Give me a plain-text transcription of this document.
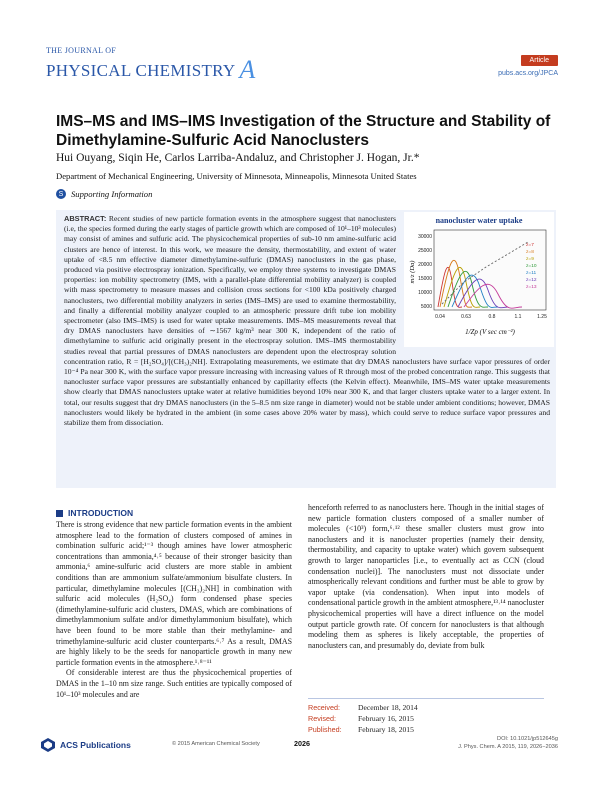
THE JOURNAL OF
PHYSICAL CHEMISTRY A	Article
pubs.acs.org/JPCA
IMS–MS and IMS–IMS Investigation of the Structure and Stability of Dimethylamine-Sulfuric Acid Nanoclusters
Hui Ouyang, Siqin He, Carlos Larriba-Andaluz, and Christopher J. Hogan, Jr.*
Department of Mechanical Engineering, University of Minnesota, Minneapolis, Minnesota United States
S Supporting Information
nanocluster water uptake
30000
25000
20000
15000
10000
5000
0.04	0.63	0.8	1.1	1.25
z=7
z=8
z=9
z=10
z=11
z=12
z=13
m/z (Da)
1/Zp (V sec cm⁻²)
ABSTRACT: Recent studies of new particle formation events in the atmosphere suggest that nanoclusters (i.e, the species formed during the early stages of particle growth which are composed of 10¹–10³ molecules) may consist of amines and sulfuric acid. The physicochemical properties of sub-10 nm amine-sulfuric acid clusters are hence of interest. In this work, we measure the density, thermostability, and extent of water uptake of <8.5 nm effective diameter dimethylamine-sulfuric (DMAS) nanoclusters in the gas phase, produced via positive electrospray ionization. Specifically, we employ three systems to investigate DMAS properties: ion mobility spectrometry (IMS, with a parallel-plate differential mobility analyzer) is coupled with mass spectrometry to measure masses and collision cross sections for <100 kDa positively charged nanoclusters, two differential mobility analyzers in series (IMS–IMS) are used to examine thermostability, and finally a differential mobility analyzer coupled to an atmospheric pressure drift tube ion mobility spectrometer (also IMS–IMS) is used for water uptake measurements. IMS–MS measurements reveal that dry DMAS nanoclusters have densities of ∼1567 kg/m³ near 300 K, independent of the ratio of dimethylamine to sulfuric acid originally present in the electrospray solution. IMS–IMS thermostability studies reveal that partial pressures of DMAS nanoclusters are dependent upon the electrospray solution concentration ratio, R = [H₂SO₄]/[(CH₃)₂NH]. Extrapolating measurements, we estimate that dry DMAS nanoclusters have surface vapor pressures of order 10⁻⁴ Pa near 300 K, with the surface vapor pressure increasing with increasing values of R through most of the probed concentration range. This suggests that nanocluster surface vapor pressures are substantially enhanced by capillarity effects (the Kelvin effect). Meanwhile, IMS–MS water uptake measurements show clearly that DMAS nanoclusters uptake water at relative humidities beyond 10% near 300 K, and that larger clusters uptake water to a larger extent. In total, our results suggest that dry DMAS nanoclusters (in the 5–8.5 nm size range in diameter) would not be stable under ambient conditions; however, DMAS nanoclusters would likely be hydrated in the ambient (in some cases above 20% water by mass), which could serve to reduce surface vapor pressures and stabilize them from dissociation.
INTRODUCTION

There is strong evidence that new particle formation events in the ambient atmosphere lead to the formation of clusters composed of amines in combination sulfuric acid;¹⁻³ though amines have lower atmospheric concentrations than ammonia,⁴˒⁵ because of their stronger basicity than ammonia,⁶ amine-sulfuric acid clusters are more stable in ambient conditions than are ammonium sulfate/ammonium bisulfate clusters. In particular, dimethylamine molecules [(CH₃)₂NH] in combination with sulfuric acid molecules (H₂SO₄) form condensed phase species (dimethylamine-sulfuric acid clusters, DMAS, which are combinations of dimethylammonium sulfate and/or dimethylammonium bisulfate), which have been found to be more stable than their methylamine- and trimethylamine-sulfuric acid cluster counterparts.⁶˒⁷ As a result, DMAS are highly likely to be the seeds for nanoparticle growth in many new particle formation events in the atmosphere.¹˒⁸⁻¹¹

Of considerable interest are thus the physicochemical properties of DMAS in the 1–10 nm size range. Such entities are typically composed of 10¹–10³ molecules and are

henceforth referred to as nanoclusters here. Though in the initial stages of new particle formation clusters composed of a smaller number of molecules (<10³) form,⁶˒¹² these smaller clusters must grow into nanoclusters and it is nanocluster properties (namely their density, thermostability, and capacity to uptake water) which govern subsequent growth to larger nanoparticles [i.e., to eventually act as CCN (cloud condensation nuclei)]. The nanoclusters must not dissociate under atmospherically relevant conditions and further must be able to grow by vapor uptake (via condensation). When input into models of condensational particle growth in the ambient atmosphere,¹³˒¹⁴ nanocluster physicochemical properties will have a direct influence on the model output particle growth rate. Of concern for nanoclusters is that although modeling them as spheres is likely acceptable, the properties of nanoclusters can, and presumably do, deviate from bulk

Received:	December 18, 2014
Revised:	February 16, 2015
Published:	February 18, 2015
ACS Publications	© 2015 American Chemical Society	2026	DOI: 10.1021/jp512645g
J. Phys. Chem. A 2015, 119, 2026−2036
